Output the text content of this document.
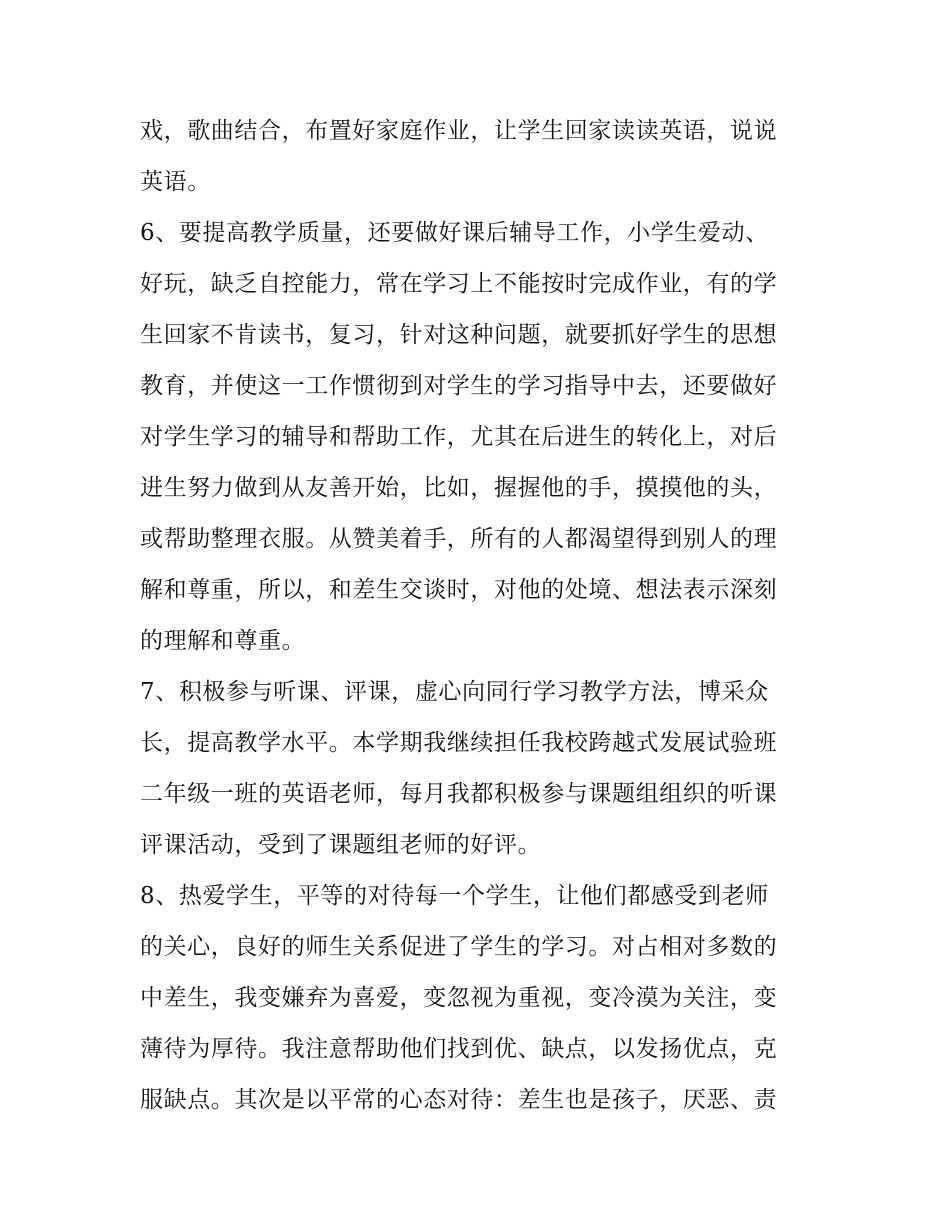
戏，歌曲结合，布置好家庭作业，让学生回家读读英语，说说
英语。
6、要提高教学质量，还要做好课后辅导工作，小学生爱动、
好玩，缺乏自控能力，常在学习上不能按时完成作业，有的学
生回家不肯读书，复习，针对这种问题，就要抓好学生的思想
教育，并使这一工作惯彻到对学生的学习指导中去，还要做好
对学生学习的辅导和帮助工作，尤其在后进生的转化上，对后
进生努力做到从友善开始，比如，握握他的手，摸摸他的头，
或帮助整理衣服。从赞美着手，所有的人都渴望得到别人的理
解和尊重，所以，和差生交谈时，对他的处境、想法表示深刻
的理解和尊重。
7、积极参与听课、评课，虚心向同行学习教学方法，博采众
长，提高教学水平。本学期我继续担任我校跨越式发展试验班
二年级一班的英语老师，每月我都积极参与课题组组织的听课
评课活动，受到了课题组老师的好评。
8、热爱学生，平等的对待每一个学生，让他们都感受到老师
的关心，良好的师生关系促进了学生的学习。对占相对多数的
中差生，我变嫌弃为喜爱，变忽视为重视，变冷漠为关注，变
薄待为厚待。我注意帮助他们找到优、缺点，以发扬优点，克
服缺点。其次是以平常的心态对待：差生也是孩子，厌恶、责
